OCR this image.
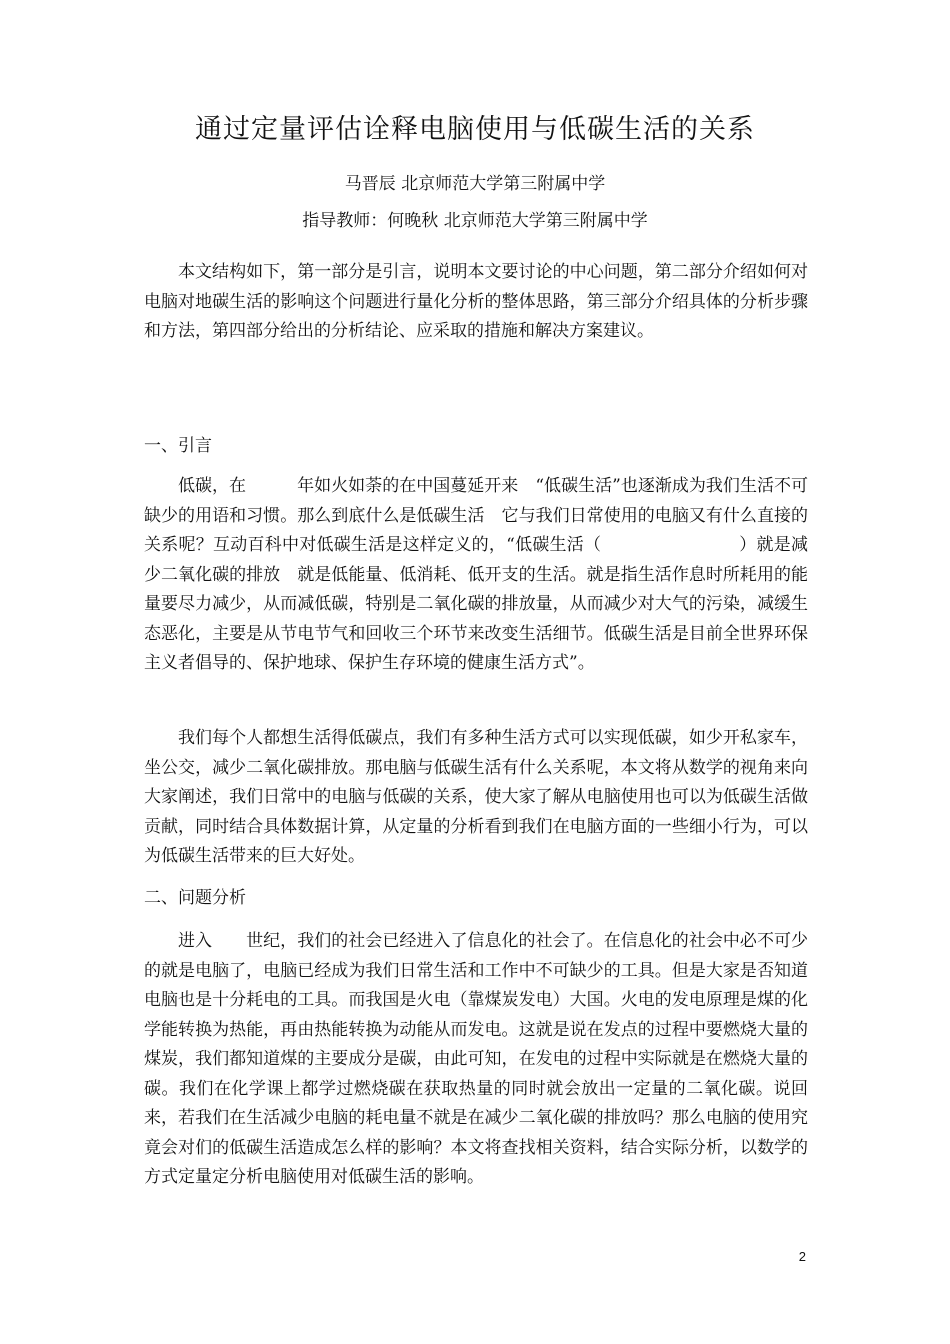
通过定量评估诠释电脑使用与低碳生活的关系
马晋辰 北京师范大学第三附属中学
指导教师：何晚秋 北京师范大学第三附属中学

本文结构如下，第一部分是引言，说明本文要讨论的中心问题，第二部分介绍如何对电脑对地碳生活的影响这个问题进行量化分析的整体思路，第三部分介绍具体的分析步骤和方法，第四部分给出的分析结论、应采取的措施和解决方案建议。

一、引言

低碳，在　　　年如火如荼的在中国蔓延开来　“低碳生活”也逐渐成为我们生活不可缺少的用语和习惯。那么到底什么是低碳生活　它与我们日常使用的电脑又有什么直接的关系呢？互动百科中对低碳生活是这样定义的，“低碳生活（　　　　　　　　）就是减少二氧化碳的排放　就是低能量、低消耗、低开支的生活。就是指生活作息时所耗用的能量要尽力减少，从而减低碳，特别是二氧化碳的排放量，从而减少对大气的污染，减缓生态恶化，主要是从节电节气和回收三个环节来改变生活细节。低碳生活是目前全世界环保主义者倡导的、保护地球、保护生存环境的健康生活方式”。

我们每个人都想生活得低碳点，我们有多种生活方式可以实现低碳，如少开私家车，坐公交，减少二氧化碳排放。那电脑与低碳生活有什么关系呢，本文将从数学的视角来向大家阐述，我们日常中的电脑与低碳的关系，使大家了解从电脑使用也可以为低碳生活做贡献，同时结合具体数据计算，从定量的分析看到我们在电脑方面的一些细小行为，可以为低碳生活带来的巨大好处。

二、问题分析

进入　　世纪，我们的社会已经进入了信息化的社会了。在信息化的社会中必不可少的就是电脑了，电脑已经成为我们日常生活和工作中不可缺少的工具。但是大家是否知道电脑也是十分耗电的工具。而我国是火电（靠煤炭发电）大国。火电的发电原理是煤的化学能转换为热能，再由热能转换为动能从而发电。这就是说在发点的过程中要燃烧大量的煤炭，我们都知道煤的主要成分是碳，由此可知，在发电的过程中实际就是在燃烧大量的碳。我们在化学课上都学过燃烧碳在获取热量的同时就会放出一定量的二氧化碳。说回来，若我们在生活减少电脑的耗电量不就是在减少二氧化碳的排放吗？那么电脑的使用究竟会对们的低碳生活造成怎么样的影响？本文将查找相关资料，结合实际分析，以数学的方式定量定分析电脑使用对低碳生活的影响。

2
